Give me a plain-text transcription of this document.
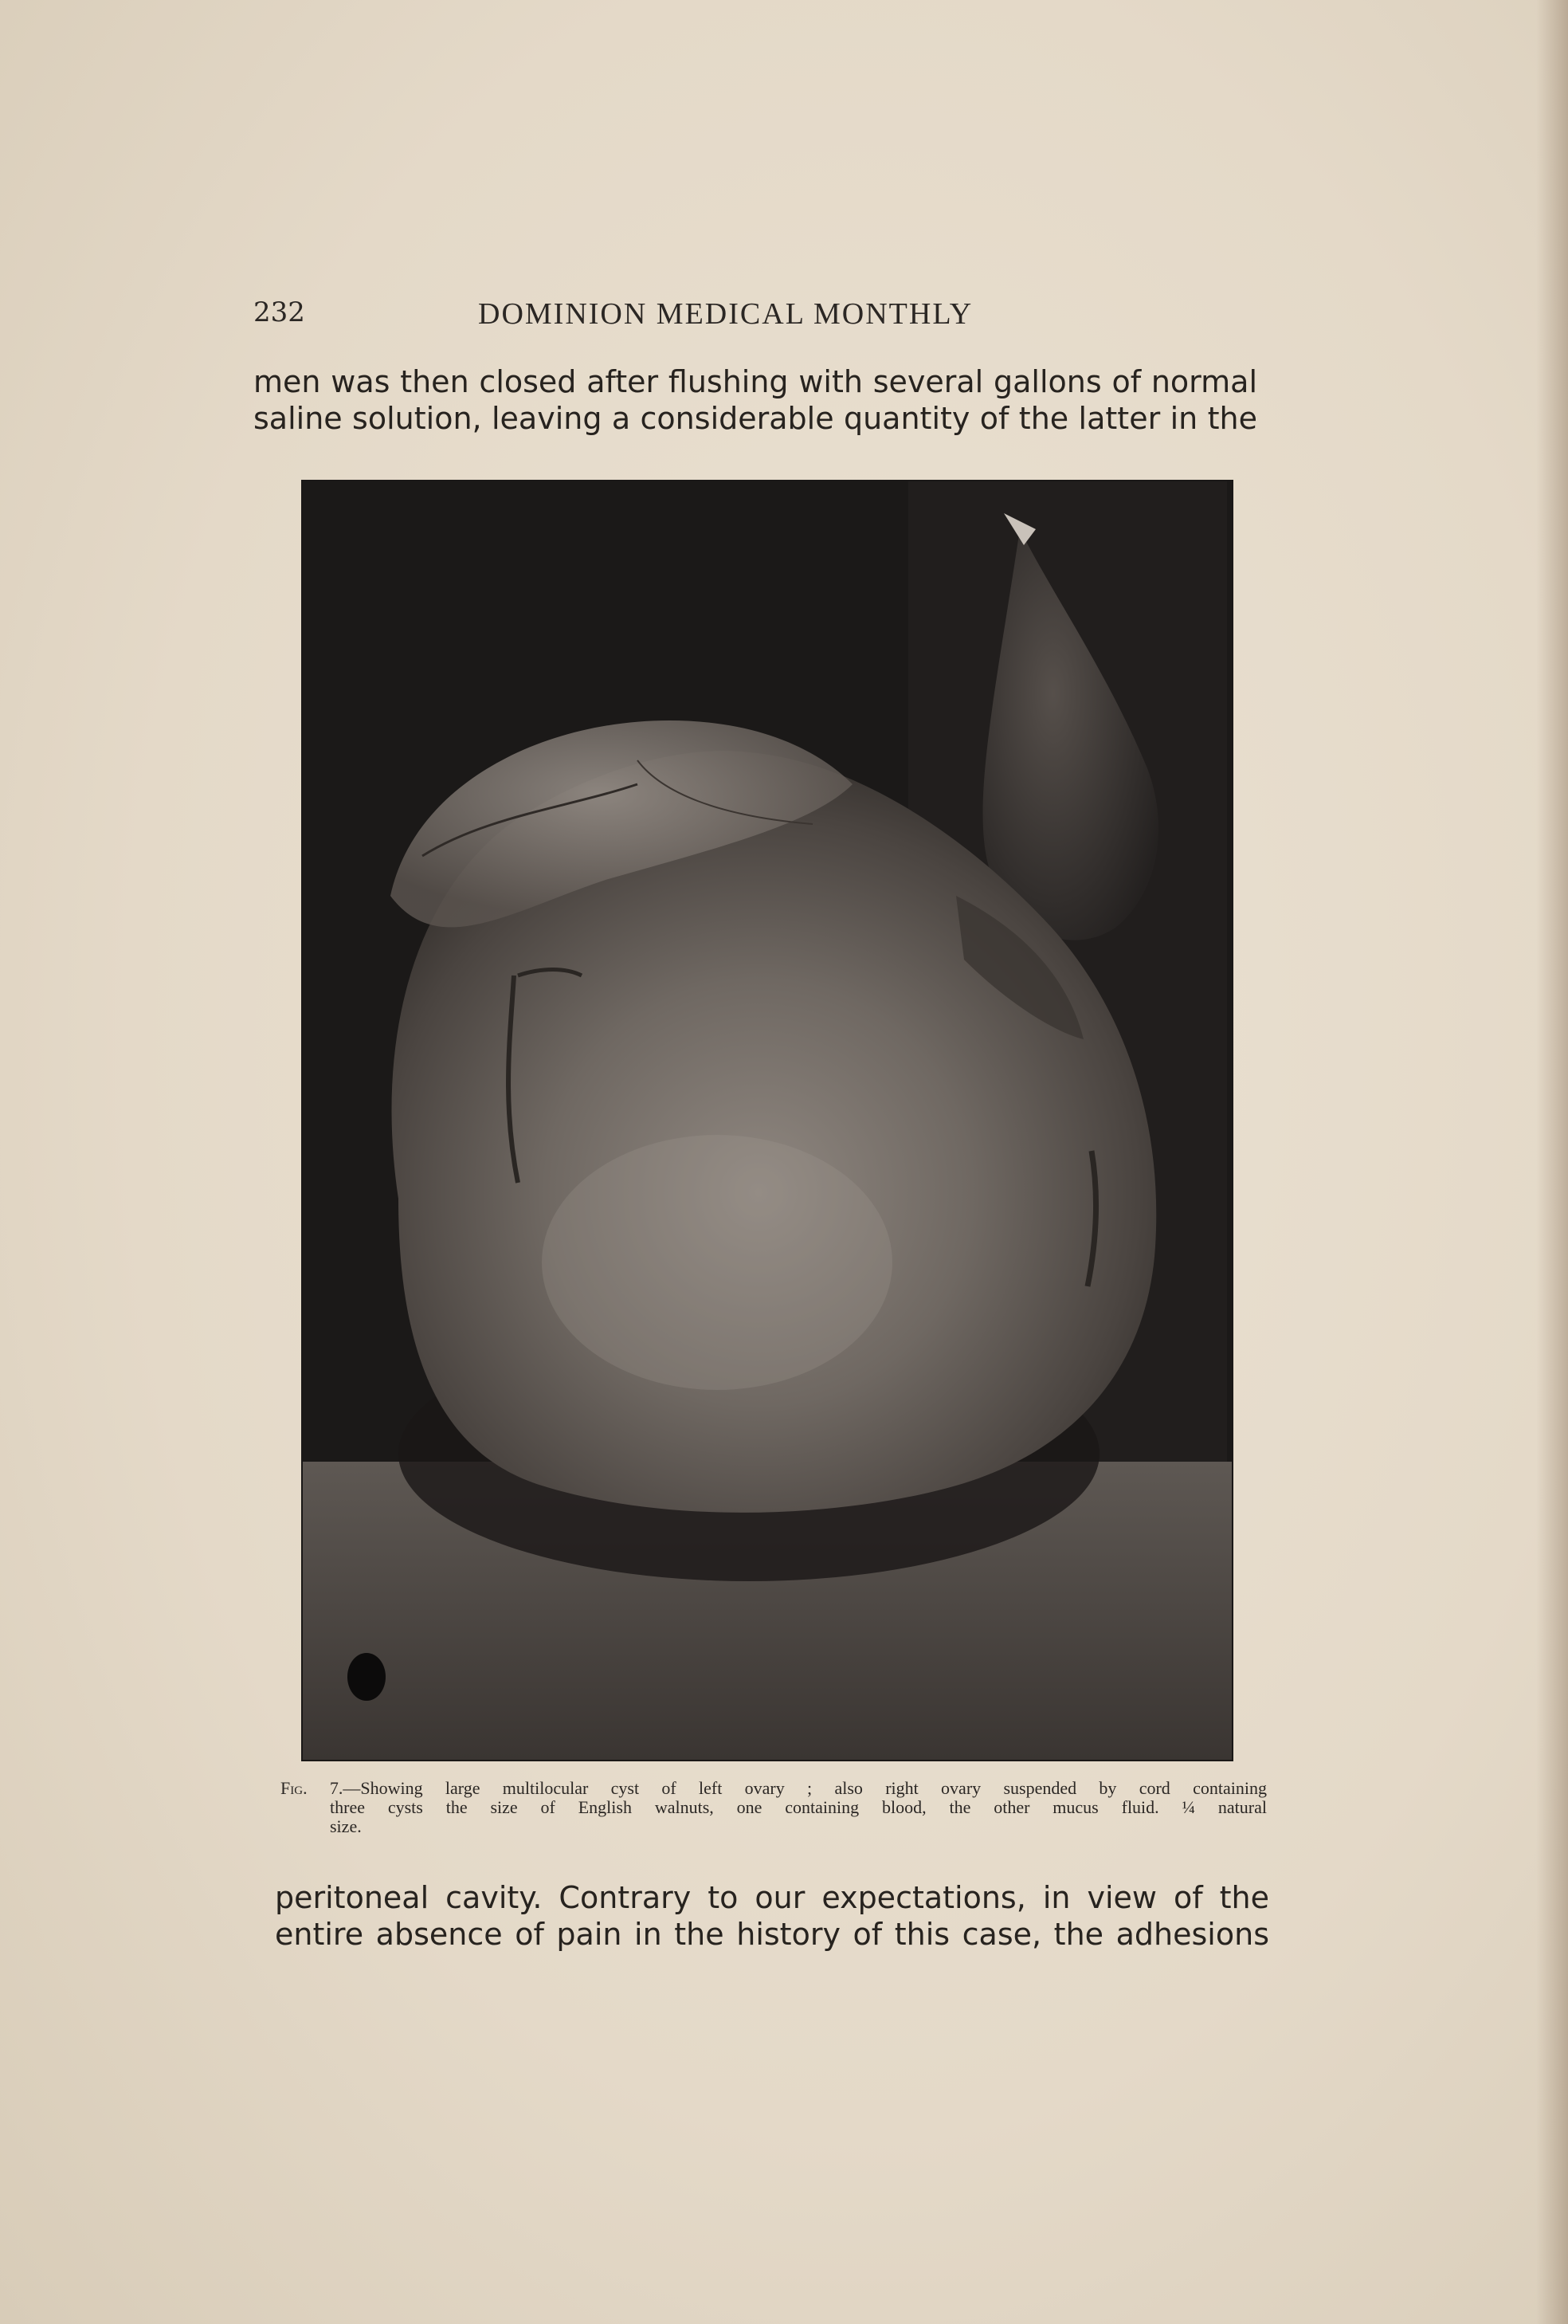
232	DOMINION MEDICAL MONTHLY
men was then closed after flushing with several gallons of normal
saline solution, leaving a considerable quantity of the latter in the
Fig. 7.—Showing large multilocular cyst of left ovary ; also right ovary suspended by cord containing
three cysts the size of English walnuts, one containing blood, the other mucus fluid. ¼ natural
size.
peritoneal cavity. Contrary to our expectations, in view of the
entire absence of pain in the history of this case, the adhesions
